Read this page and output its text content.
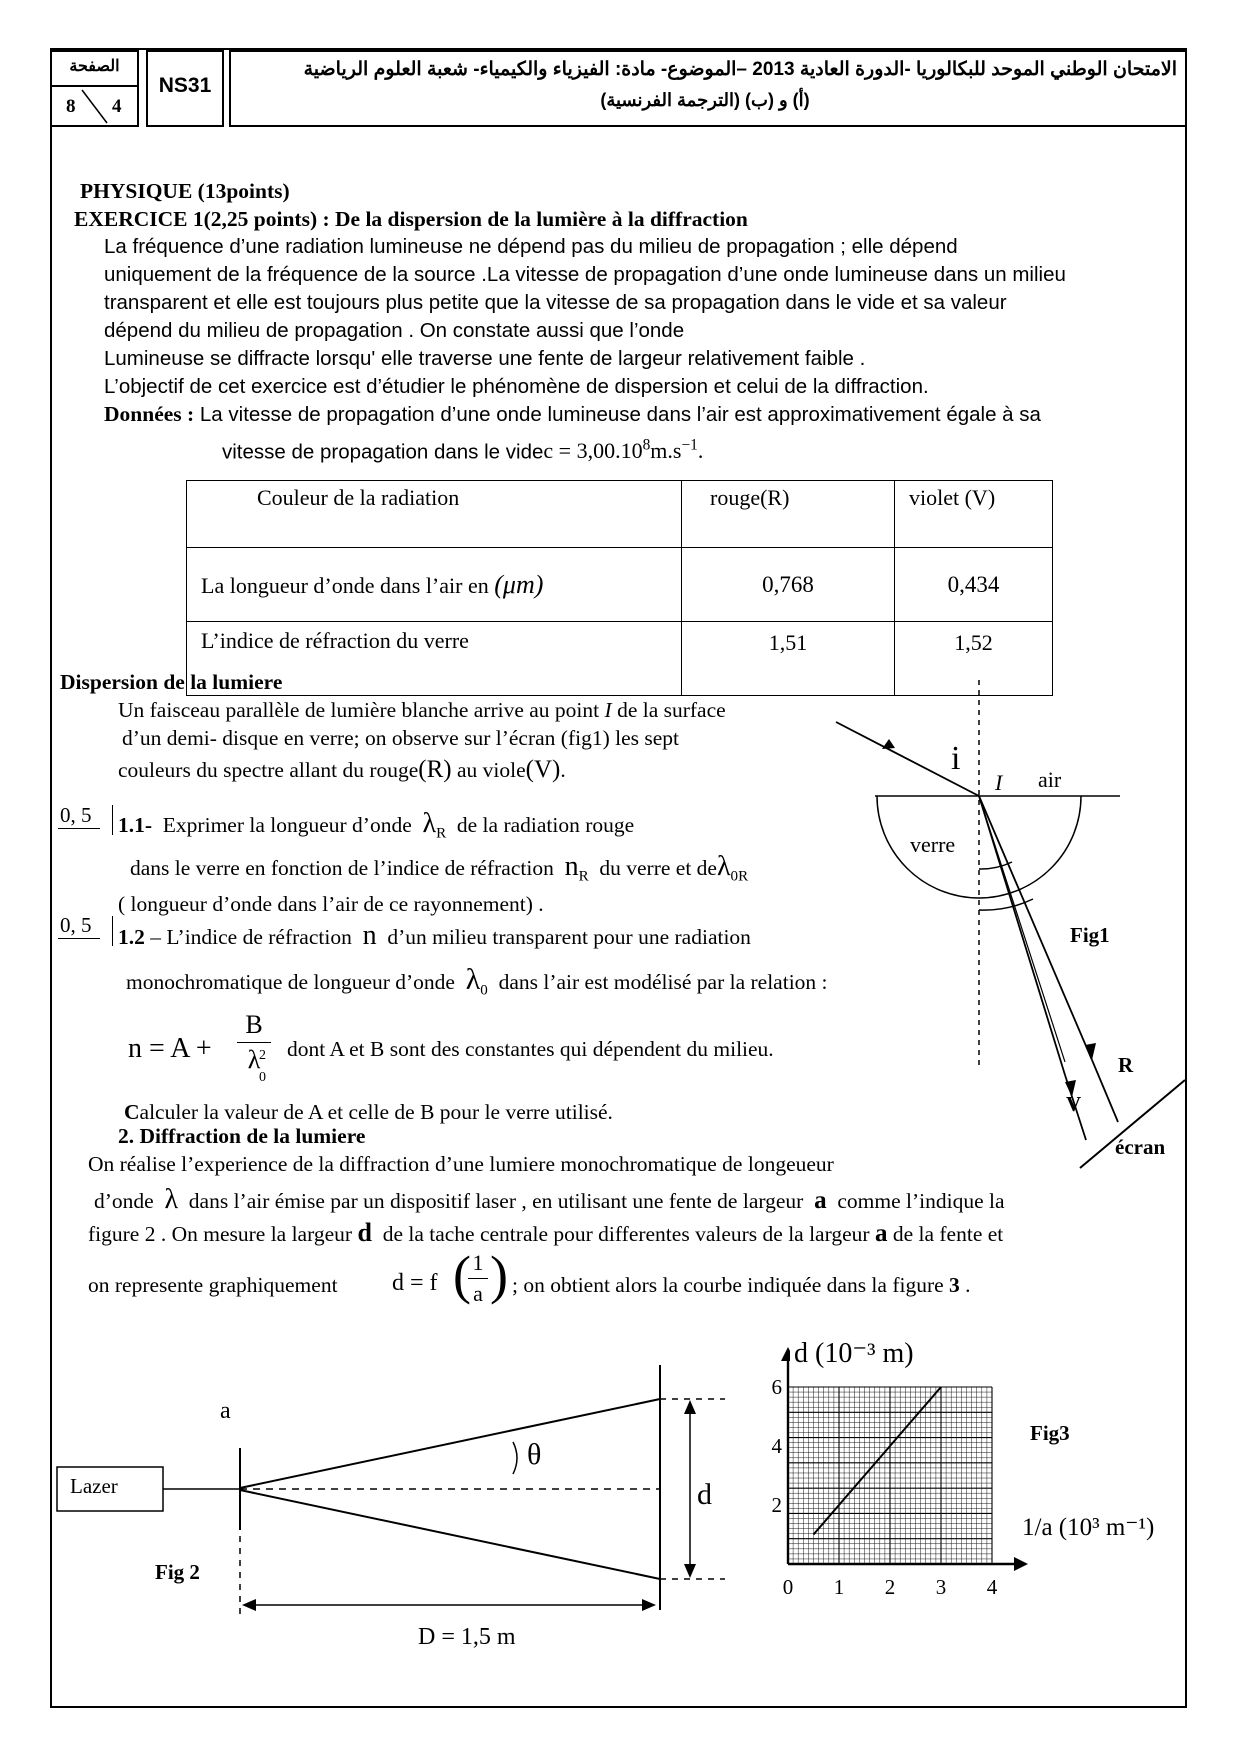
الصفحة
8 4
NS31
الامتحان الوطني الموحد للبكالوريا -الدورة العادية 2013 –الموضوع- مادة: الفيزياء والكيمياء- شعبة العلوم الرياضية
(أ) و (ب) (الترجمة الفرنسية)
PHYSIQUE (13points)
EXERCICE 1(2,25 points) : De la dispersion de la lumière à la diffraction
La fréquence d’une radiation lumineuse ne dépend pas du milieu de propagation ; elle dépend
uniquement de la fréquence de la source .La vitesse de propagation d’une onde lumineuse dans un milieu
transparent et elle est toujours plus petite que la vitesse de sa propagation dans le vide et sa valeur
dépend du milieu de propagation . On constate aussi que l’onde
Lumineuse se diffracte lorsqu' elle traverse une fente de largeur relativement faible .
L’objectif de cet exercice est d’étudier le phénomène de dispersion et celui de la diffraction.
Données : La vitesse de propagation d’une onde lumineuse dans l’air est approximativement égale à sa
vitesse de propagation dans le videc = $3,00.10^8m.s^{-1}$.
Couleur de la radiation	rouge(R)	violet (V)
La longueur d’onde dans l’air en (μm)	0,768	0,434
L’indice de réfraction du verre	1,51	1,52
Dispersion de la lumiere
Un faisceau parallèle de lumière blanche arrive au point I de la surface
d’un demi- disque en verre; on observe sur l’écran (fig1) les sept
couleurs du spectre allant du rouge(R) au viole(V).
0, 5	1.1- Exprimer la longueur d’onde $\lambda_R$ de la radiation rouge
dans le verre en fonction de l’indice de réfraction $n_R$ du verre et deλ$_{0R}$
( longueur d’onde dans l’air de ce rayonnement) .
0, 5	1.2 – L’indice de réfraction n d’un milieu transparent pour une radiation
monochromatique de longueur d’onde $\lambda_0$ dans l’air est modélisé par la relation :
n = A +
B
λ
2
0
dont A et B sont des constantes qui dépendent du milieu.
Calculer la valeur de A et celle de B pour le verre utilisé.
i
I air
verre
Fig1
R
V
écran
2. Diffraction de la lumiere
On réalise l’experience de la diffraction d’une lumiere monochromatique de longeueur
d’onde λ dans l’air émise par un dispositif laser , en utilisant une fente de largeur a comme l’indique la
figure 2 . On mesure la largeur d de la tache centrale pour differentes valeurs de la largeur a de la fente et
on represente graphiquement d = f ( 1
a ) ; on obtient alors la courbe indiquée dans la figure 3 .
Lazer
a
θ
d
Fig 2
D = 1,5 m
0 1 2 3 4
2
4
6
d (10⁻³ m)
Fig3
1/a (10³ m⁻¹)
